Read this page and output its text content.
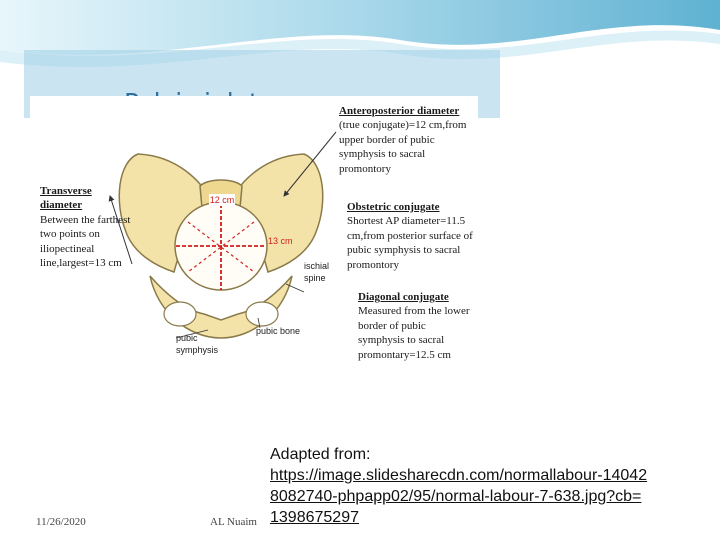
12 cm
13 cm
pubic bone
ischial spine
pubic symphysis
Transverse diameter
Between the farthest two points on iliopectineal line,largest=13 cm
Anteroposterior diameter
(true conjugate)=12 cm,from upper border of pubic symphysis to sacral promontory
Obstetric conjugate
Shortest AP diameter=11.5 cm,from posterior surface of pubic symphysis to sacral promontory
Diagonal conjugate
Measured from the lower border of pubic symphysis to sacral promontary=12.5 cm
Adapted from:
https://image.slidesharecdn.com/normallabour-140428082740-phpapp02/95/normal-labour-7-638.jpg?cb=1398675297
11/26/2020	AL Nuaim
